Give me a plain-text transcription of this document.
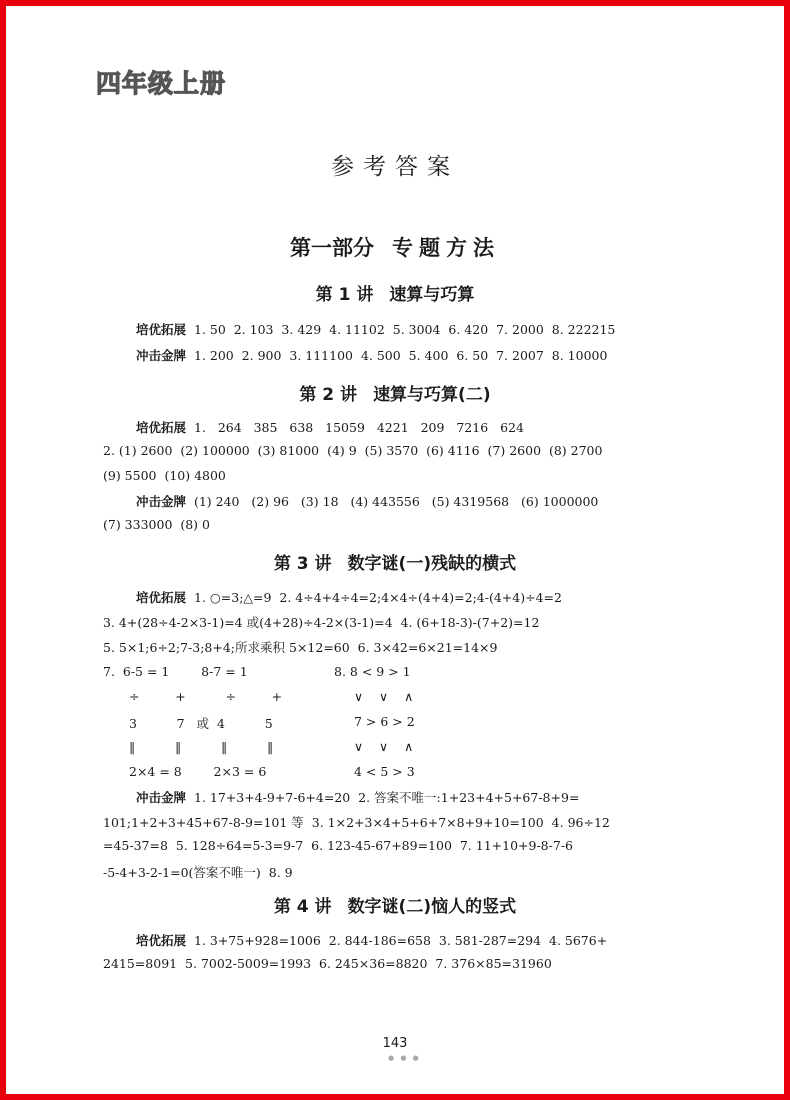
四年级上册
参考答案
第一部分 专题方法
第 1 讲 速算与巧算
培优拓展 1. 50  2. 103  3. 429  4. 11102  5. 3004  6. 420  7. 2000  8. 222215
冲击金牌 1. 200  2. 900  3. 111100  4. 500  5. 400  6. 50  7. 2007  8. 10000
第 2 讲 速算与巧算(二)
培优拓展 1.   264   385   638   15059   4221   209   7216   624
2. (1) 2600  (2) 100000  (3) 81000  (4) 9  (5) 3570  (6) 4116  (7) 2600  (8) 2700
(9) 5500  (10) 4800
冲击金牌 (1) 240   (2) 96   (3) 18   (4) 443556   (5) 4319568   (6) 1000000
(7) 333000  (8) 0
第 3 讲 数字谜(一)残缺的横式
培优拓展 1. ○=3;△=9  2. 4÷4+4÷4=2;4×4÷(4+4)=2;4-(4+4)÷4=2
3. 4+(28÷4-2×3-1)=4 或(4+28)÷4-2×(3-1)=4  4. (6+18-3)-(7+2)=12
5. 5×1;6÷2;7-3;8+4;所求乘积 5×12=60  6. 3×42=6×21=14×9
7.  6-5 = 1        8-7 = 1
÷         +          ÷         +
3          7   或  4          5
‖          ‖          ‖          ‖
2×4 = 8        2×3 = 6
8. 8 < 9 > 1
∨    ∨    ∧
7 > 6 > 2
∨    ∨    ∧
4 < 5 > 3
冲击金牌 1. 17+3+4-9+7-6+4=20  2. 答案不唯一:1+23+4+5+67-8+9=
101;1+2+3+45+67-8-9=101 等  3. 1×2+3×4+5+6+7×8+9+10=100  4. 96÷12
=45-37=8  5. 128÷64=5-3=9-7  6. 123-45-67+89=100  7. 11+10+9-8-7-6
-5-4+3-2-1=0(答案不唯一)  8. 9
第 4 讲 数字谜(二)恼人的竖式
培优拓展 1. 3+75+928=1006  2. 844-186=658  3. 581-287=294  4. 5676+
2415=8091  5. 7002-5009=1993  6. 245×36=8820  7. 376×85=31960
143
● ● ●
